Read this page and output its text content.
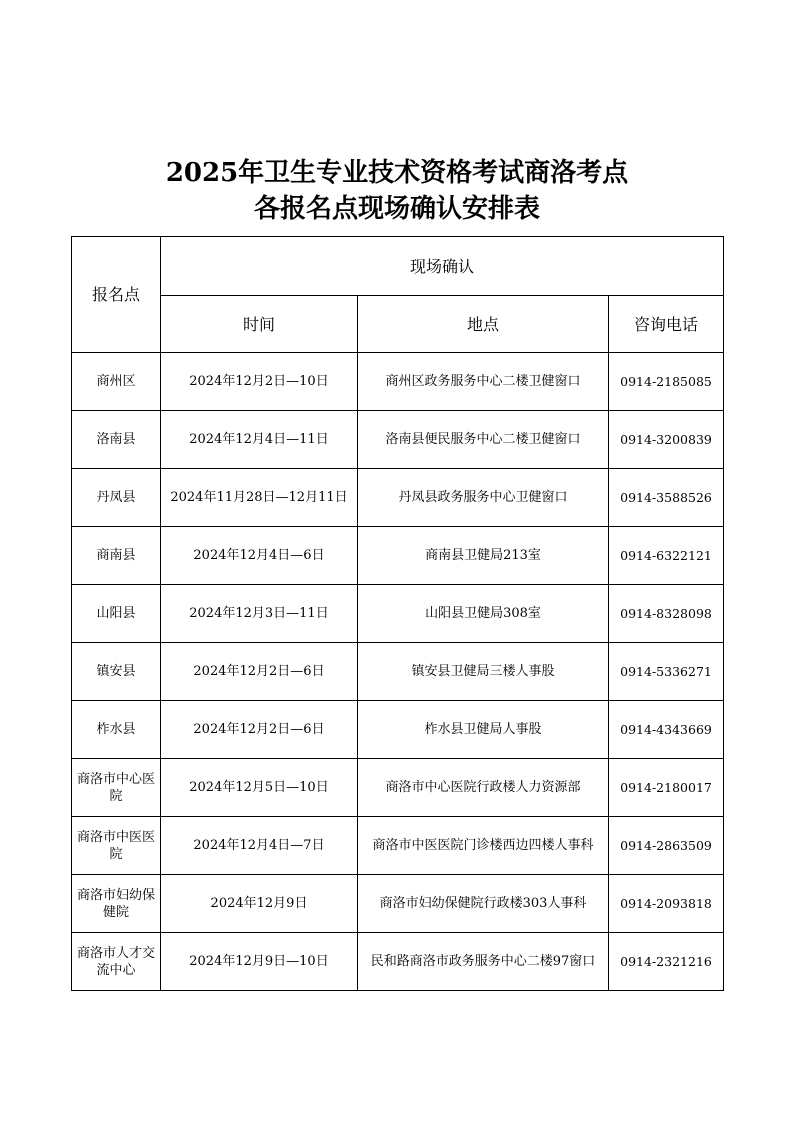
2025年卫生专业技术资格考试商洛考点
各报名点现场确认安排表
报名点	现场确认		
	时间	地点	咨询电话
商州区	2024年12月2日—10日	商州区政务服务中心二楼卫健窗口	0914-2185085
洛南县	2024年12月4日—11日	洛南县便民服务中心二楼卫健窗口	0914-3200839
丹凤县	2024年11月28日—12月11日	丹凤县政务服务中心卫健窗口	0914-3588526
商南县	2024年12月4日—6日	商南县卫健局213室	0914-6322121
山阳县	2024年12月3日—11日	山阳县卫健局308室	0914-8328098
镇安县	2024年12月2日—6日	镇安县卫健局三楼人事股	0914-5336271
柞水县	2024年12月2日—6日	柞水县卫健局人事股	0914-4343669
商洛市中心医院	2024年12月5日—10日	商洛市中心医院行政楼人力资源部	0914-2180017
商洛市中医医院	2024年12月4日—7日	商洛市中医医院门诊楼西边四楼人事科	0914-2863509
商洛市妇幼保健院	2024年12月9日	商洛市妇幼保健院行政楼303人事科	0914-2093818
商洛市人才交流中心	2024年12月9日—10日	民和路商洛市政务服务中心二楼97窗口	0914-2321216
